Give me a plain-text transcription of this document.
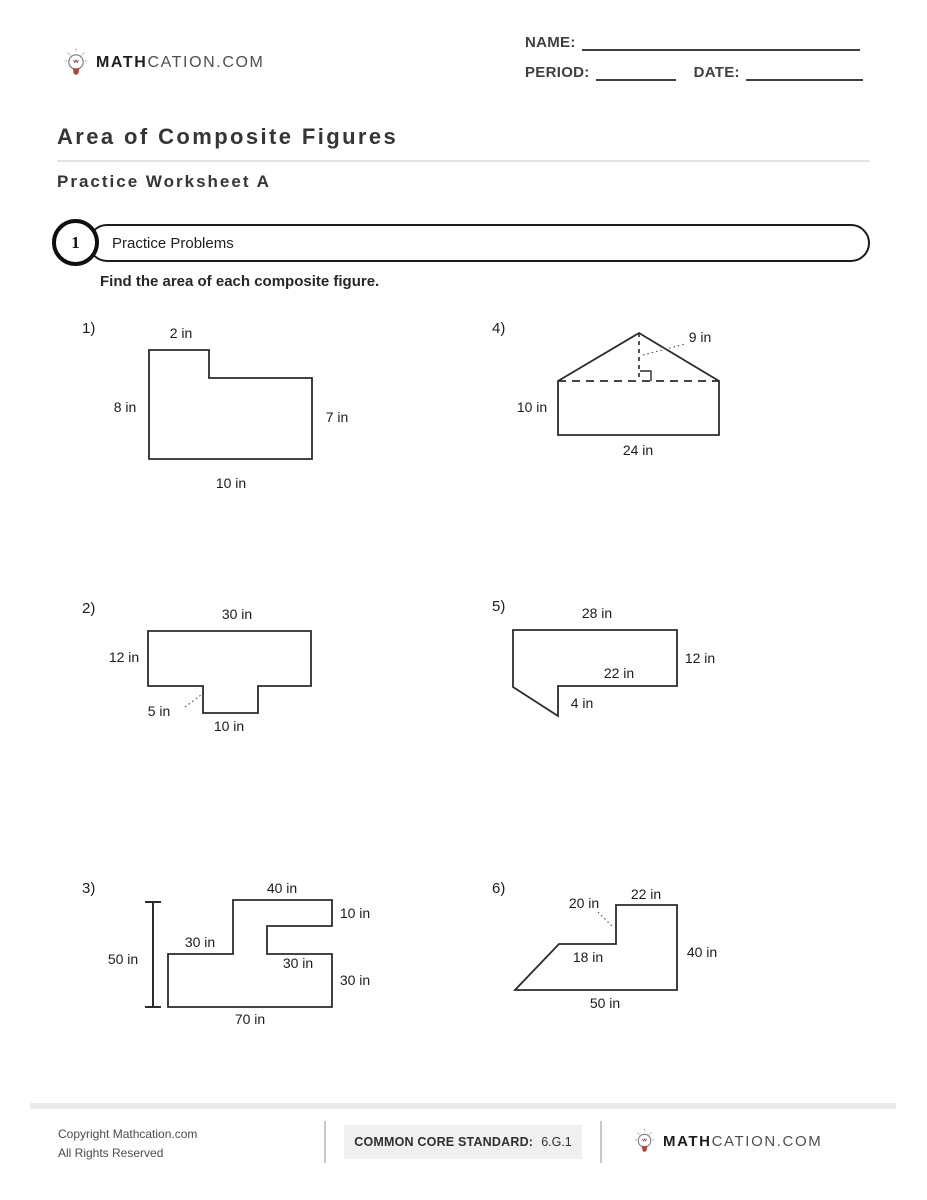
MATHCATION.COM
NAME:
PERIOD:	DATE:
Area of Composite Figures
Practice Worksheet A
Practice Problems
1
Find the area of each composite figure.
1)	2 in
8 in
7 in
10 in
4)	9 in
10 in
24 in
2)	30 in
12 in
5 in
10 in
5)	28 in
12 in
22 in
4 in
3)	40 in
10 in
30 in
30 in
30 in
70 in
50 in
6)	22 in
20 in
40 in
18 in
50 in
Copyright Mathcation.com
All Rights Reserved
COMMON CORE STANDARD: 6.G.1	MATHCATION.COM
